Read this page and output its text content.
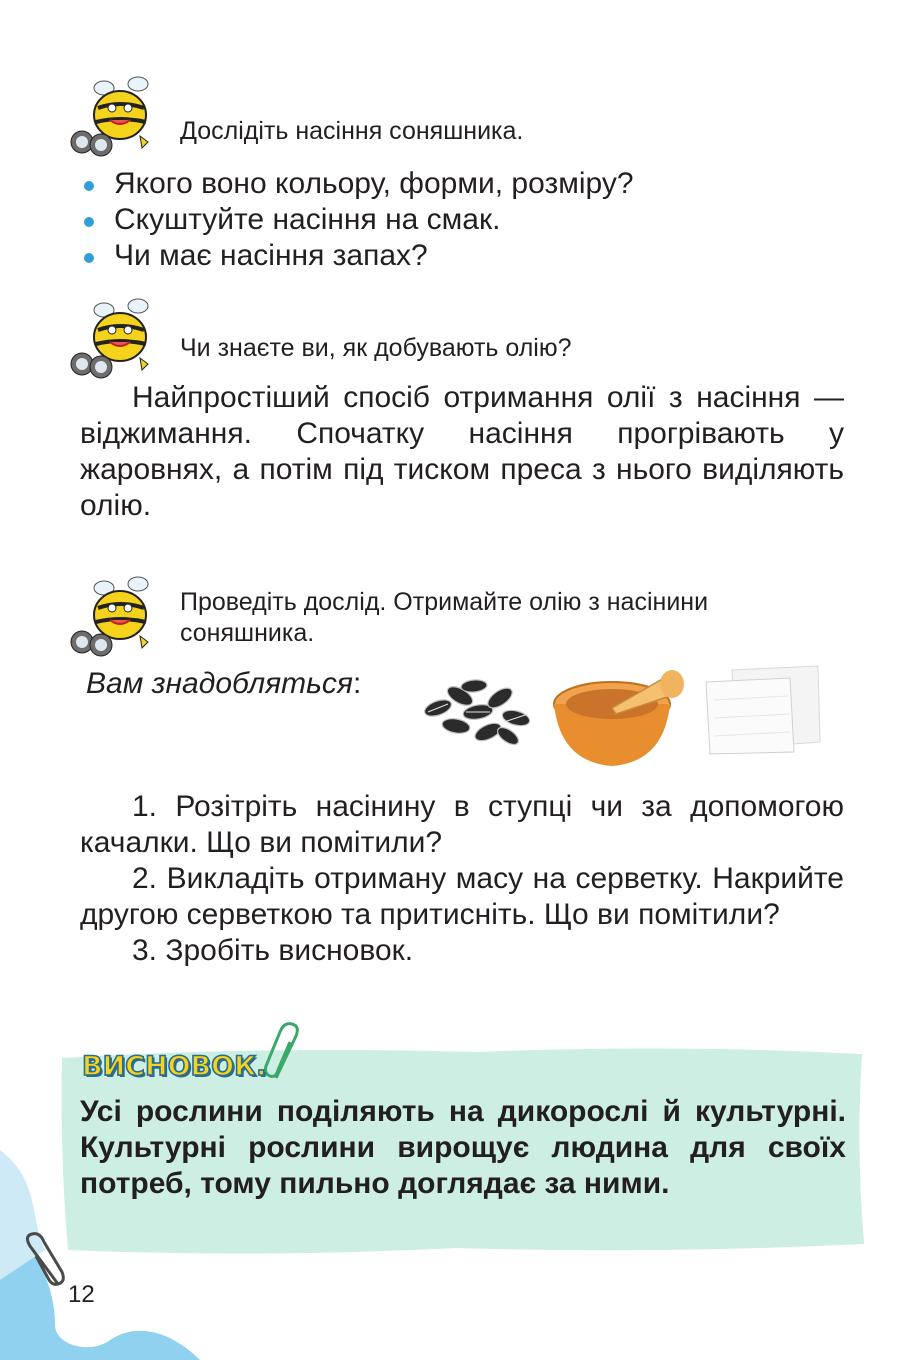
Дослідіть насіння соняшника.
Якого воно кольору, форми, розміру?
Скуштуйте насіння на смак.
Чи має насіння запах?
Чи знаєте ви, як добувають олію?

Найпростіший спосіб отримання олії з насіння — віджимання. Спочатку насіння прогрівають у жаровнях, а потім під тиском преса з нього виділяють олію.

Проведіть дослід. Отримайте олію з насінини
соняшника.
Вам знадобляться:

1. Розітріть насінину в ступці чи за допомогою качалки. Що ви помітили?

2. Викладіть отриману масу на серветку. Накрийте другою серветкою та притисніть. Що ви помітили?

3. Зробіть висновок.

ВИСНОВОК.
Усі рослини поділяють на дикорослі й культурні. Культурні рослини вирощує людина для своїх потреб, тому пильно доглядає за ними.
12
